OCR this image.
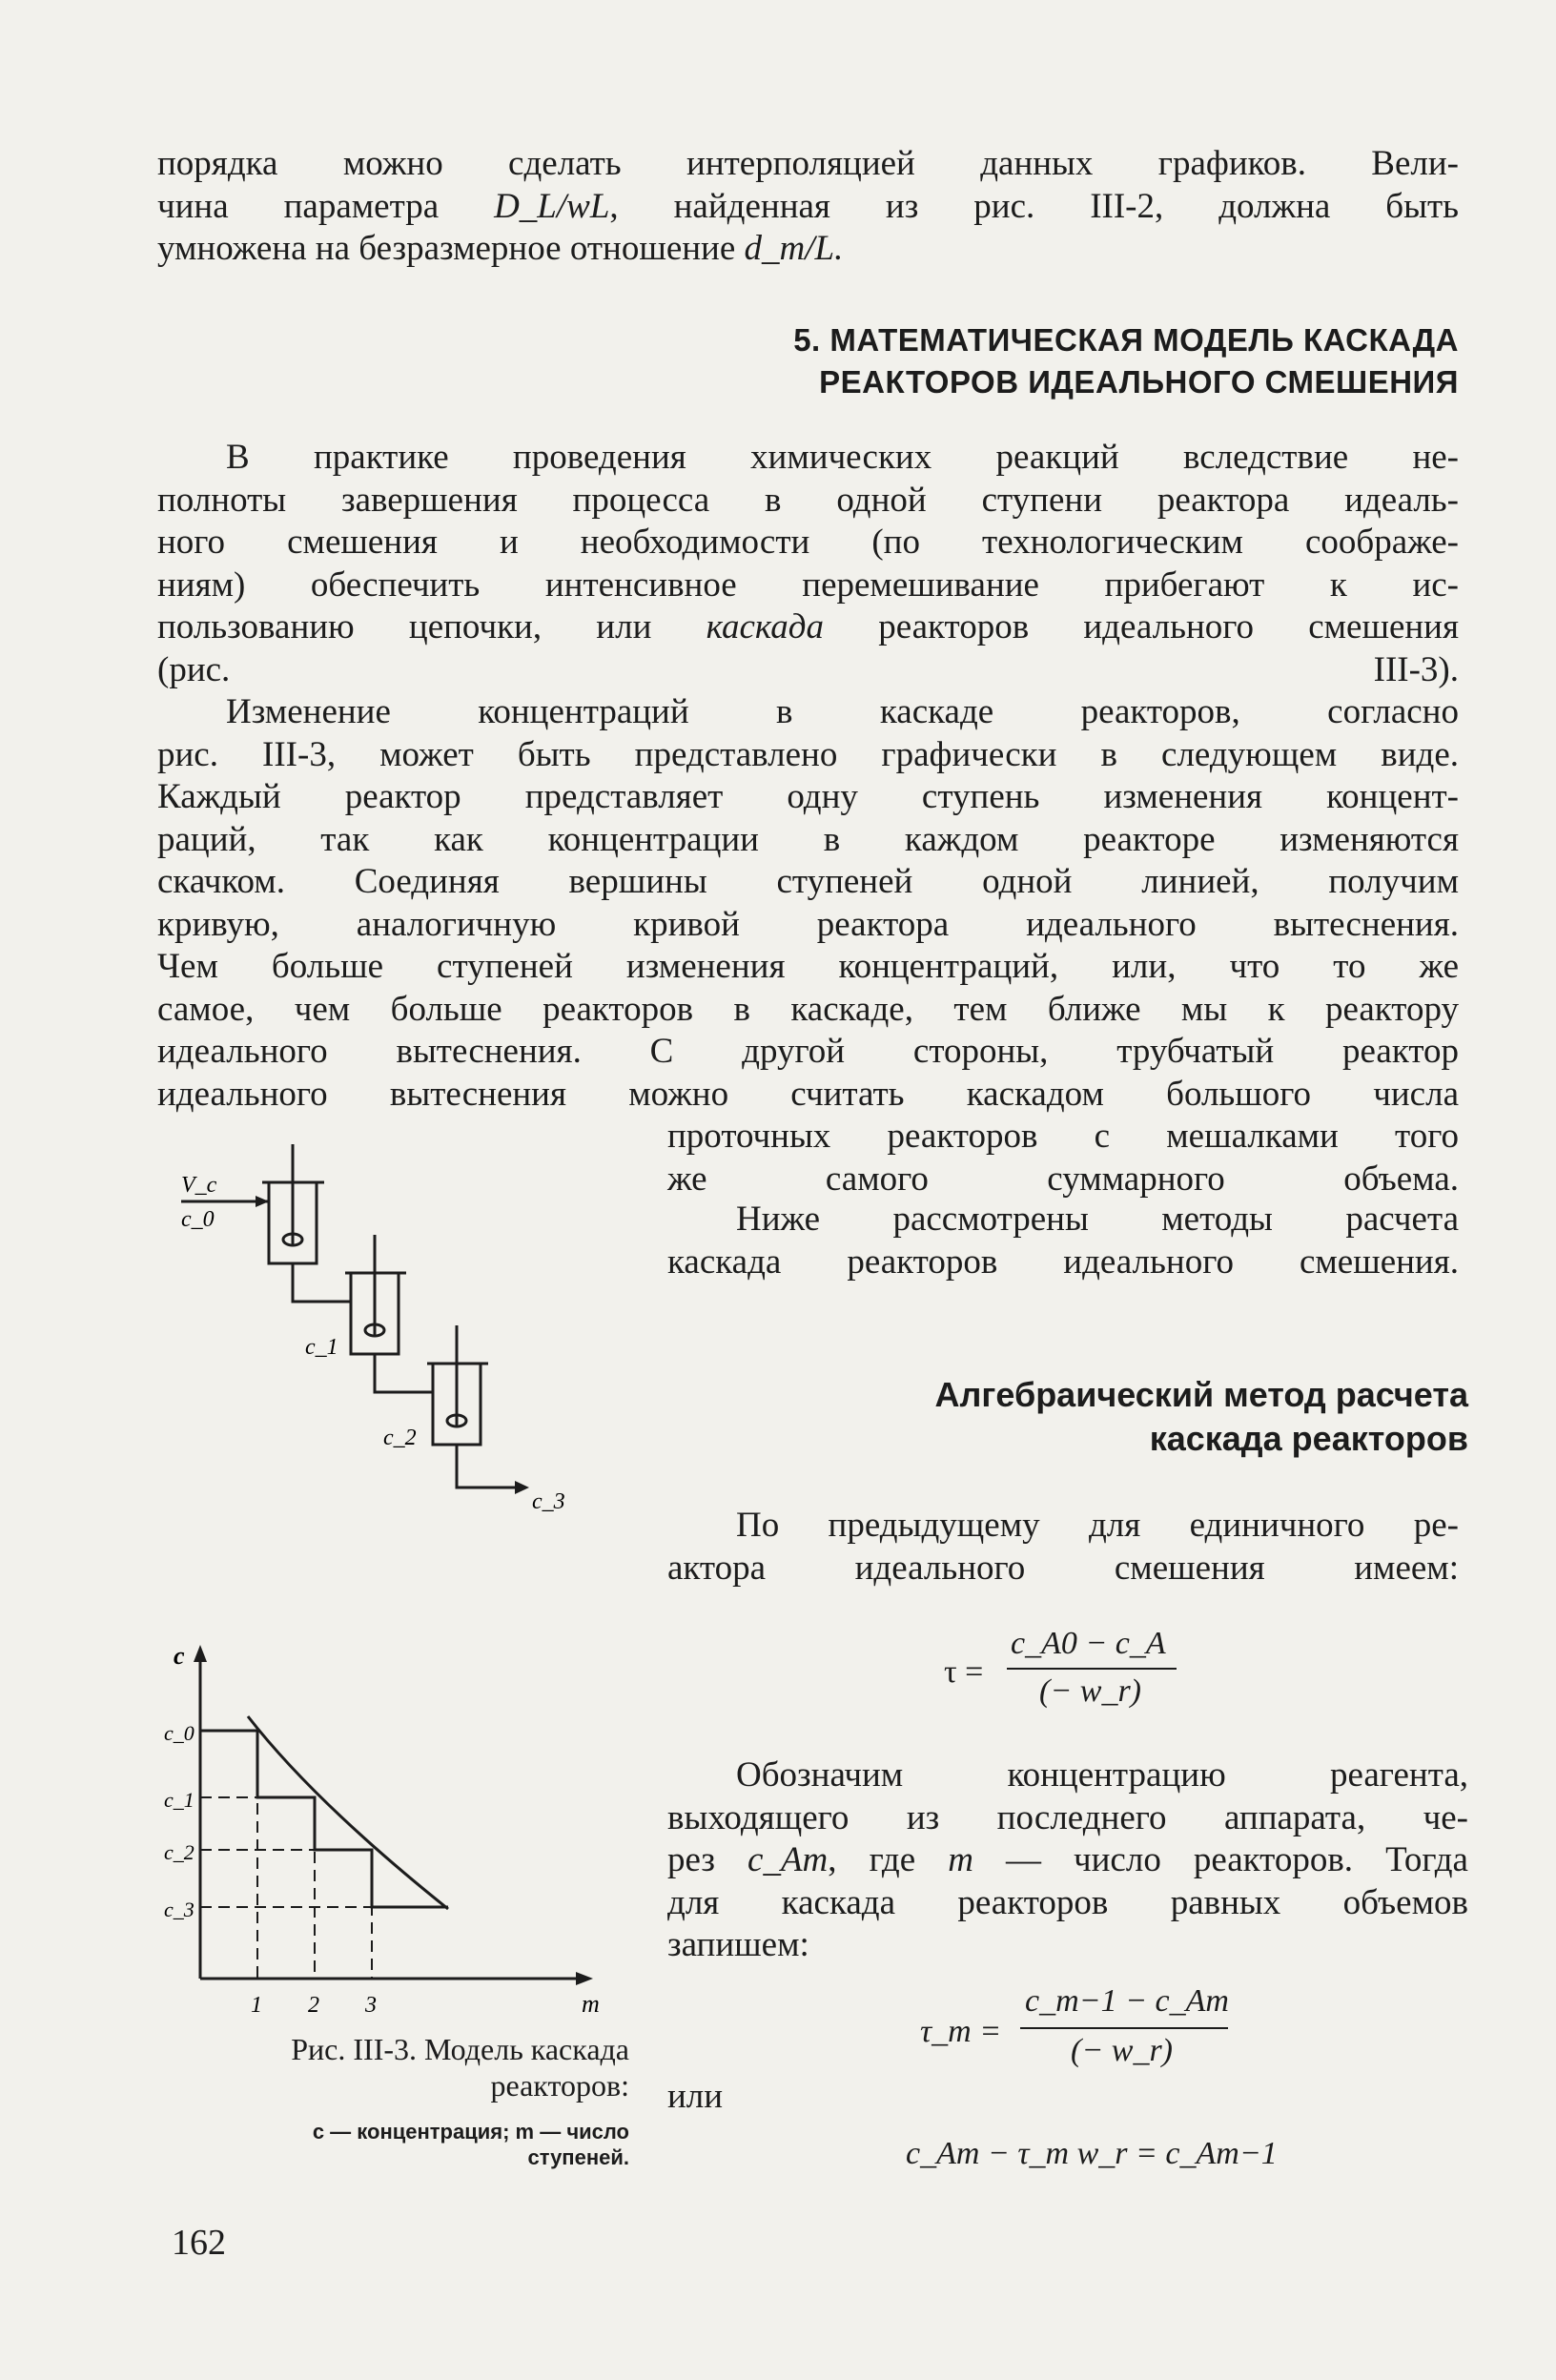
порядка можно сделать интерполяцией данных графиков. Вели-
чина параметра D_L/wL, найденная из рис. III-2, должна быть
умножена на безразмерное отношение d_т/L.
5. МАТЕМАТИЧЕСКАЯ МОДЕЛЬ КАСКАДА
РЕАКТОРОВ ИДЕАЛЬНОГО СМЕШЕНИЯ
В практике проведения химических реакций вследствие не-
полноты завершения процесса в одной ступени реактора идеаль-
ного смешения и необходимости (по технологическим соображе-
ниям) обеспечить интенсивное перемешивание прибегают к ис-
пользованию цепочки, или каскада реакторов идеального смешения
(рис. III-3).
Изменение концентраций в каскаде реакторов, согласно
рис. III-3, может быть представлено графически в следующем виде.
Каждый реактор представляет одну ступень изменения концент-
раций, так как концентрации в каждом реакторе изменяются
скачком. Соединяя вершины ступеней одной линией, получим
кривую, аналогичную кривой реактора идеального вытеснения.
Чем больше ступеней изменения концентраций, или, что то же
самое, чем больше реакторов в каскаде, тем ближе мы к реактору
идеального вытеснения. С другой стороны, трубчатый реактор
идеального вытеснения можно считать каскадом большого числа
проточных реакторов с мешалками того
же самого суммарного объема.
Ниже рассмотрены методы расчета
каскада реакторов идеального смешения.
Алгебраический метод расчета
каскада реакторов
По предыдущему для единичного ре-
актора идеального смешения имеем:
τ =
c_A0 − c_A
(− w_r)
Обозначим концентрацию реагента,
выходящего из последнего аппарата, че-
рез c_Am, где m — число реакторов. Тогда
для каскада реакторов равных объемов
запишем:
τ_m =
c_m−1 − c_Am
(− w_r)
или
c_Am − τ_m w_r = c_Am−1
V_c
c_0
c_1
c_2
c_3
c
m
c_0
c_1
c_2
c_3
1 2 3
Рис. III-3. Модель каскада
реакторов:
c — концентрация; m — число
ступеней.
162
